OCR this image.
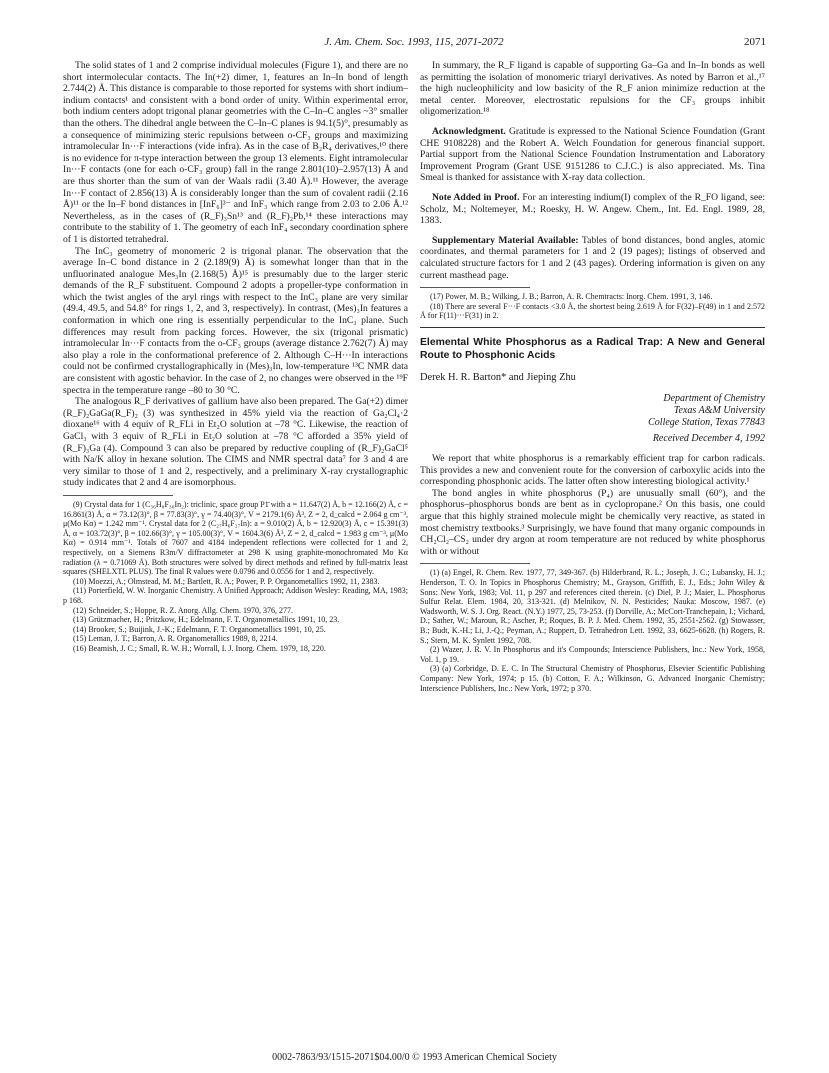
J. Am. Chem. Soc. 1993, 115, 2071-2072	2071

The solid states of 1 and 2 comprise individual molecules (Figure 1), and there are no short intermolecular contacts. The In(+2) dimer, 1, features an In–In bond of length 2.744(2) Å. This distance is comparable to those reported for systems with short indium–indium contacts¹ and consistent with a bond order of unity. Within experimental error, both indium centers adopt trigonal planar geometries with the C–In–C angles ~3° smaller than the others. The dihedral angle between the C–In–C planes is 94.1(5)°, presumably as a consequence of minimizing steric repulsions between o-CF₃ groups and maximizing intramolecular In···F interactions (vide infra). As in the case of B₂R₄ derivatives,¹⁰ there is no evidence for π-type interaction between the group 13 elements. Eight intramolecular In···F contacts (one for each o-CF₃ group) fall in the range 2.801(10)–2.957(13) Å and are thus shorter than the sum of van der Waals radii (3.40 Å).¹¹ However, the average In···F contact of 2.856(13) Å is considerably longer than the sum of covalent radii (2.16 Å)¹¹ or the In–F bond distances in [InF₆]³⁻ and InF₃ which range from 2.03 to 2.06 Å.¹² Nevertheless, as in the cases of (R_F)₃Sn¹³ and (R_F)₂Pb,¹⁴ these interactions may contribute to the stability of 1. The geometry of each InF₄ secondary coordination sphere of 1 is distorted tetrahedral.

The InC₃ geometry of monomeric 2 is trigonal planar. The observation that the average In–C bond distance in 2 (2.189(9) Å) is somewhat longer than that in the unfluorinated analogue Mes₃In (2.168(5) Å)¹⁵ is presumably due to the larger steric demands of the R_F substituent. Compound 2 adopts a propeller-type conformation in which the twist angles of the aryl rings with respect to the InC₃ plane are very similar (49.4, 49.5, and 54.8° for rings 1, 2, and 3, respectively). In contrast, (Mes)₃In features a conformation in which one ring is essentially perpendicular to the InC₃ plane. Such differences may result from packing forces. However, the six (trigonal prismatic) intramolecular In···F contacts from the o-CF₃ groups (average distance 2.762(7) Å) may also play a role in the conformational preference of 2. Although C–H···In interactions could not be confirmed crystallographically in (Mes)₃In, low-temperature ¹³C NMR data are consistent with agostic behavior. In the case of 2, no changes were observed in the ¹⁹F spectra in the temperature range –80 to 30 °C.

The analogous R_F derivatives of gallium have also been prepared. The Ga(+2) dimer (R_F)₂GaGa(R_F)₂ (3) was synthesized in 45% yield via the reaction of Ga₂Cl₄·2 dioxane¹⁶ with 4 equiv of R_FLi in Et₂O solution at –78 °C. Likewise, the reaction of GaCl₃ with 3 equiv of R_FLi in Et₂O solution at –78 °C afforded a 35% yield of (R_F)₃Ga (4). Compound 3 can also be prepared by reductive coupling of (R_F)₂GaCl⁵ with Na/K alloy in hexane solution. The CIMS and NMR spectral data⁷ for 3 and 4 are very similar to those of 1 and 2, respectively, and a preliminary X-ray crystallographic study indicates that 2 and 4 are isomorphous.

(9) Crystal data for 1 (C₃₆H₈F₃₆In₂): triclinic, space group P1̄ with a = 11.647(2) Å, b = 12.166(2) Å, c = 16.861(3) Å, α = 73.12(3)°, β = 77.83(3)°, γ = 74.40(3)°, V = 2179.1(6) Å³, Z = 2, d_calcd = 2.064 g cm⁻³, μ(Mo Kα) = 1.242 mm⁻¹. Crystal data for 2 (C₂₇H₆F₂₇In): a = 9.010(2) Å, b = 12.920(3) Å, c = 15.391(3) Å, α = 103.72(3)°, β = 102.66(3)°, γ = 105.00(3)°, V = 1604.3(6) Å³, Z = 2, d_calcd = 1.983 g cm⁻³, μ(Mo Kα) = 0.914 mm⁻¹. Totals of 7607 and 4184 independent reflections were collected for 1 and 2, respectively, on a Siemens R3m/V diffractometer at 298 K using graphite-monochromated Mo Kα radiation (λ = 0.71069 Å). Both structures were solved by direct methods and refined by full-matrix least squares (SHELXTL PLUS). The final R values were 0.0796 and 0.0556 for 1 and 2, respectively.

(10) Moezzi, A.; Olmstead, M. M.; Bartlett, R. A.; Power, P. P. Organometallics 1992, 11, 2383.

(11) Porterfield, W. W. Inorganic Chemistry. A Unified Approach; Addison Wesley: Reading, MA, 1983; p 168.

(12) Schneider, S.; Hoppe, R. Z. Anorg. Allg. Chem. 1970, 376, 277.

(13) Grützmacher, H.; Pritzkow, H.; Edelmann, F. T. Organometallics 1991, 10, 23.

(14) Brooker, S.; Buijink, J.-K.; Edelmann, F. T. Organometallics 1991, 10, 25.

(15) Leman, J. T.; Barron, A. R. Organometallics 1989, 8, 2214.

(16) Beamish, J. C.; Small, R. W. H.; Worrall, I. J. Inorg. Chem. 1979, 18, 220.

In summary, the R_F ligand is capable of supporting Ga–Ga and In–In bonds as well as permitting the isolation of monomeric triaryl derivatives. As noted by Barron et al.,¹⁷ the high nucleophilicity and low basicity of the R_F anion minimize reduction at the metal center. Moreover, electrostatic repulsions for the CF₃ groups inhibit oligomerization.¹⁸

Acknowledgment. Gratitude is expressed to the National Science Foundation (Grant CHE 9108228) and the Robert A. Welch Foundation for generous financial support. Partial support from the National Science Foundation Instrumentation and Laboratory Improvement Program (Grant USE 9151286 to C.J.C.) is also appreciated. Ms. Tina Smeal is thanked for assistance with X-ray data collection.

Note Added in Proof. For an interesting indium(I) complex of the R_FO ligand, see: Scholz, M.; Noltemeyer, M.; Roesky, H. W. Angew. Chem., Int. Ed. Engl. 1989, 28, 1383.

Supplementary Material Available: Tables of bond distances, bond angles, atomic coordinates, and thermal parameters for 1 and 2 (19 pages); listings of observed and calculated structure factors for 1 and 2 (43 pages). Ordering information is given on any current masthead page.

(17) Power, M. B.; Wilking, J. B.; Barron, A. R. Chemtracts: Inorg. Chem. 1991, 3, 146.

(18) There are several F···F contacts <3.0 Å, the shortest being 2.619 Å for F(32)–F(49) in 1 and 2.572 Å for F(11)···F(31) in 2.

Elemental White Phosphorus as a Radical Trap: A New and General Route to Phosphonic Acids
Derek H. R. Barton* and Jieping Zhu
Department of Chemistry
Texas A&M University
College Station, Texas 77843
Received December 4, 1992

We report that white phosphorus is a remarkably efficient trap for carbon radicals. This provides a new and convenient route for the conversion of carboxylic acids into the corresponding phosphonic acids. The latter often show interesting biological activity.¹

The bond angles in white phosphorus (P₄) are unusually small (60°), and the phosphorus–phosphorus bonds are bent as in cyclopropane.² On this basis, one could argue that this highly strained molecule might be chemically very reactive, as stated in most chemistry textbooks.³ Surprisingly, we have found that many organic compounds in CH₂Cl₂–CS₂ under dry argon at room temperature are not reduced by white phosphorus with or without

(1) (a) Engel, R. Chem. Rev. 1977, 77, 349-367. (b) Hilderbrand, R. L.; Joseph, J. C.; Lubansky, H. J.; Henderson, T. O. In Topics in Phosphorus Chemistry; M., Grayson, Griffith, E. J., Eds.; John Wiley & Sons: New York, 1983; Vol. 11, p 297 and references cited therein. (c) Diel, P. J.; Maier, L. Phosphorus Sulfur Relat. Elem. 1984, 20, 313-321. (d) Melnikov, N. N. Pesticides; Nauka: Moscow, 1987. (e) Wadsworth, W. S. J. Org. React. (N.Y.) 1977, 25, 73-253. (f) Dorville, A.; McCort-Tranchepain, I.; Vichard, D.; Sather, W.; Maroun, R.; Ascher, P.; Roques, B. P. J. Med. Chem. 1992, 35, 2551-2562. (g) Stowasser, B.; Budt, K.-H.; Li, J.-Q.; Peyman, A.; Ruppert, D. Tetrahedron Lett. 1992, 33, 6625-6628. (h) Rogers, R. S.; Stern, M. K. Synlett 1992, 708.

(2) Wazer, J. R. V. In Phosphorus and it's Compounds; Interscience Publishers, Inc.: New York, 1958, Vol. 1, p 19.

(3) (a) Corbridge, D. E. C. In The Structural Chemistry of Phosphorus, Elsevier Scientific Publishing Company: New York, 1974; p 15. (b) Cotton, F. A.; Wilkinson, G. Advanced Inorganic Chemistry; Interscience Publishers, Inc.: New York, 1972; p 370.

0002-7863/93/1515-2071$04.00/0 © 1993 American Chemical Society
